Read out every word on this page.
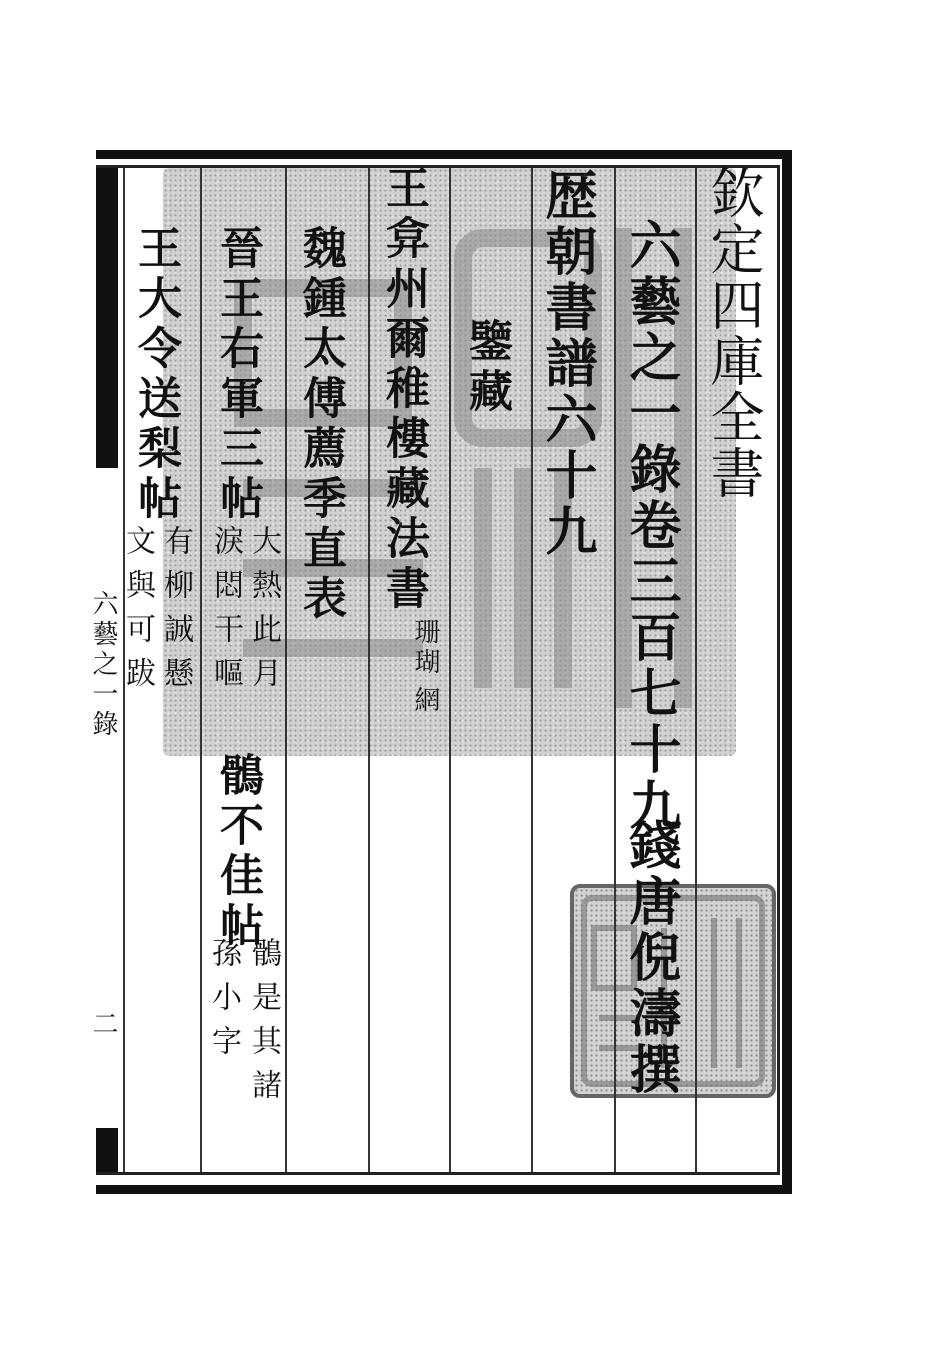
六藝之一錄
二
欽定四庫全書
六藝之一錄卷三百七十九
錢唐倪濤撰
歴朝書譜六十九
鑒藏
王弇州爾稚樓藏法書
珊瑚
網
魏鍾太傅薦季直表
晉王右軍三帖
大熱此月
淚悶干嘔
鶻不佳帖
鶻是其諸
孫小字
王大令送梨帖
有柳誠懸
文與可跋
